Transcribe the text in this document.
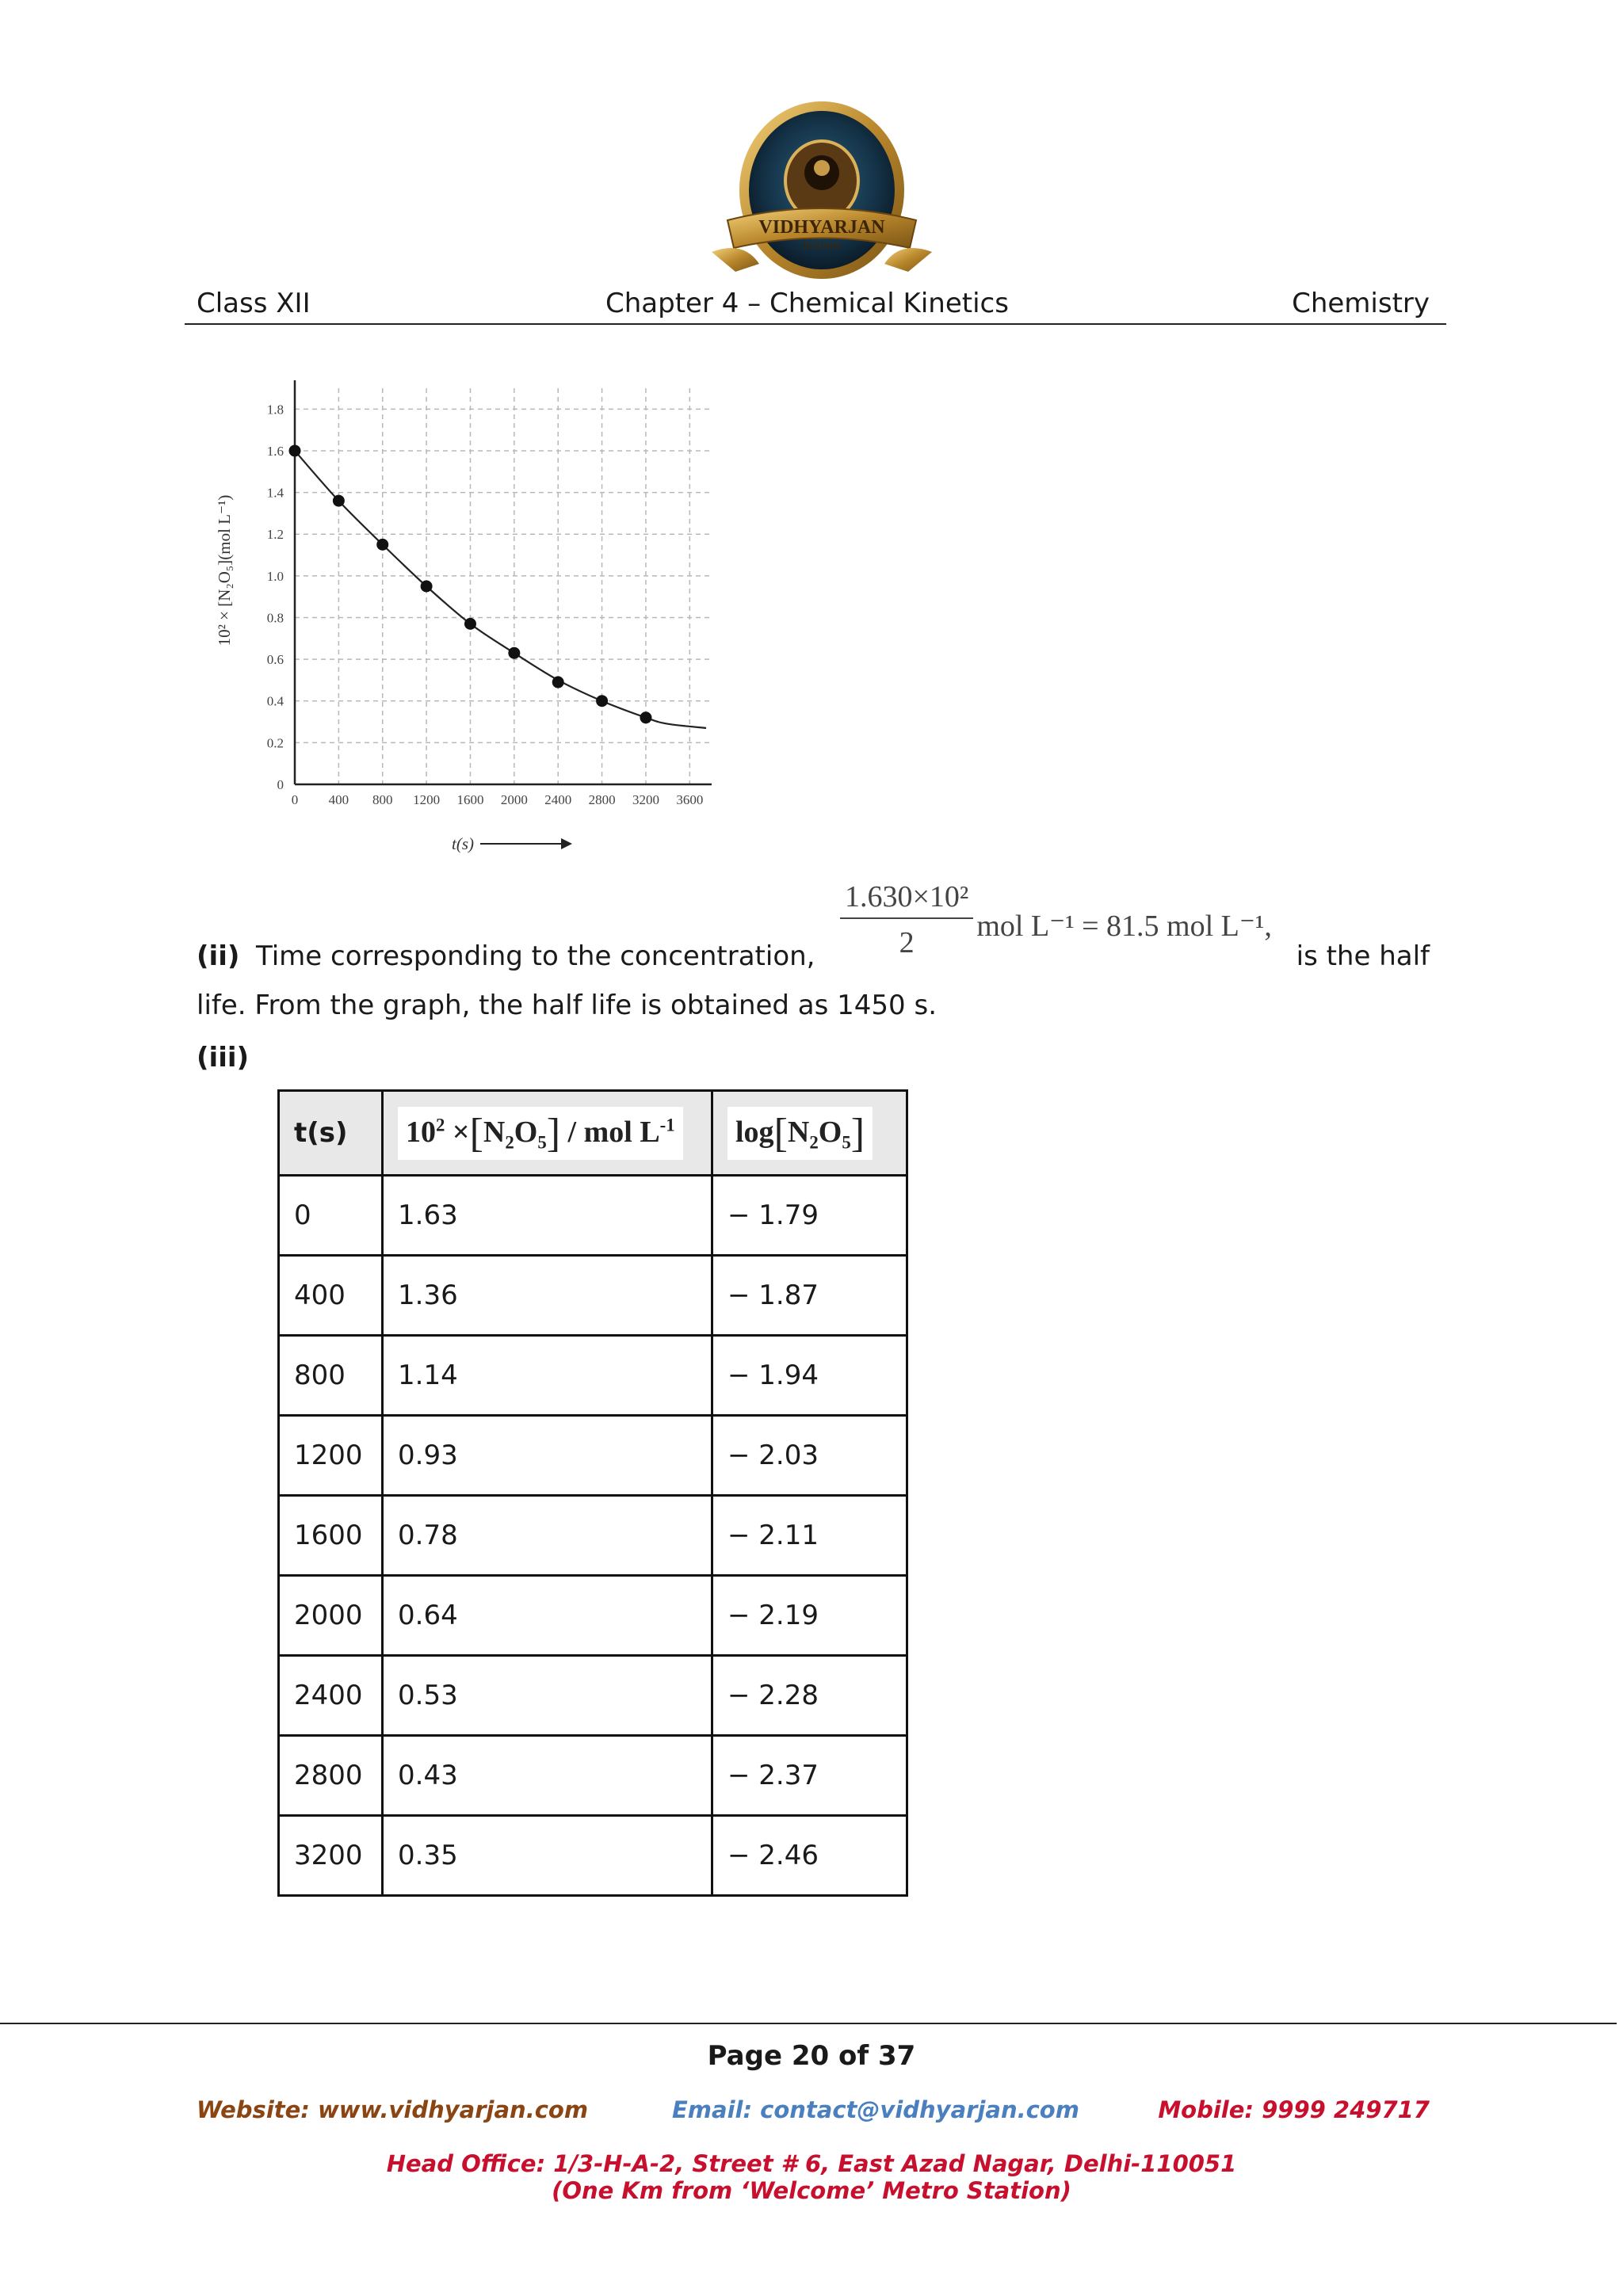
VIDHYARJAN
Institute
Class XII	Chapter 4 – Chemical Kinetics	Chemistry
0 400 800 1200 1600 2000 2400 2800 3200 3600
0
0.2
0.4
0.6
0.8
1.0
1.2
1.4
1.6
1.8
10² × [N₂O₅](mol L⁻¹)
t(s)
$\frac{\text{1.630×10²}}{2}$ mol L⁻¹ = 81.5 mol L⁻¹,
(ii) Time corresponding to the concentration,	is the half
life. From the graph, the half life is obtained as 1450 s.
(iii)
t(s)	$10^2 \times[N_2O_5]$ / mol $L^{-1}$	$\log[N_2O_5]$
0	1.63	− 1.79
400	1.36	− 1.87
800	1.14	− 1.94
1200	0.93	− 2.03
1600	0.78	− 2.11
2000	0.64	− 2.19
2400	0.53	− 2.28
2800	0.43	− 2.37
3200	0.35	− 2.46
Page 20 of 37
Website: www.vidhyarjan.com	Email: contact@vidhyarjan.com	Mobile: 9999 249717
Head Office: 1/3-H-A-2, Street # 6, East Azad Nagar, Delhi-110051
(One Km from ‘Welcome’ Metro Station)
